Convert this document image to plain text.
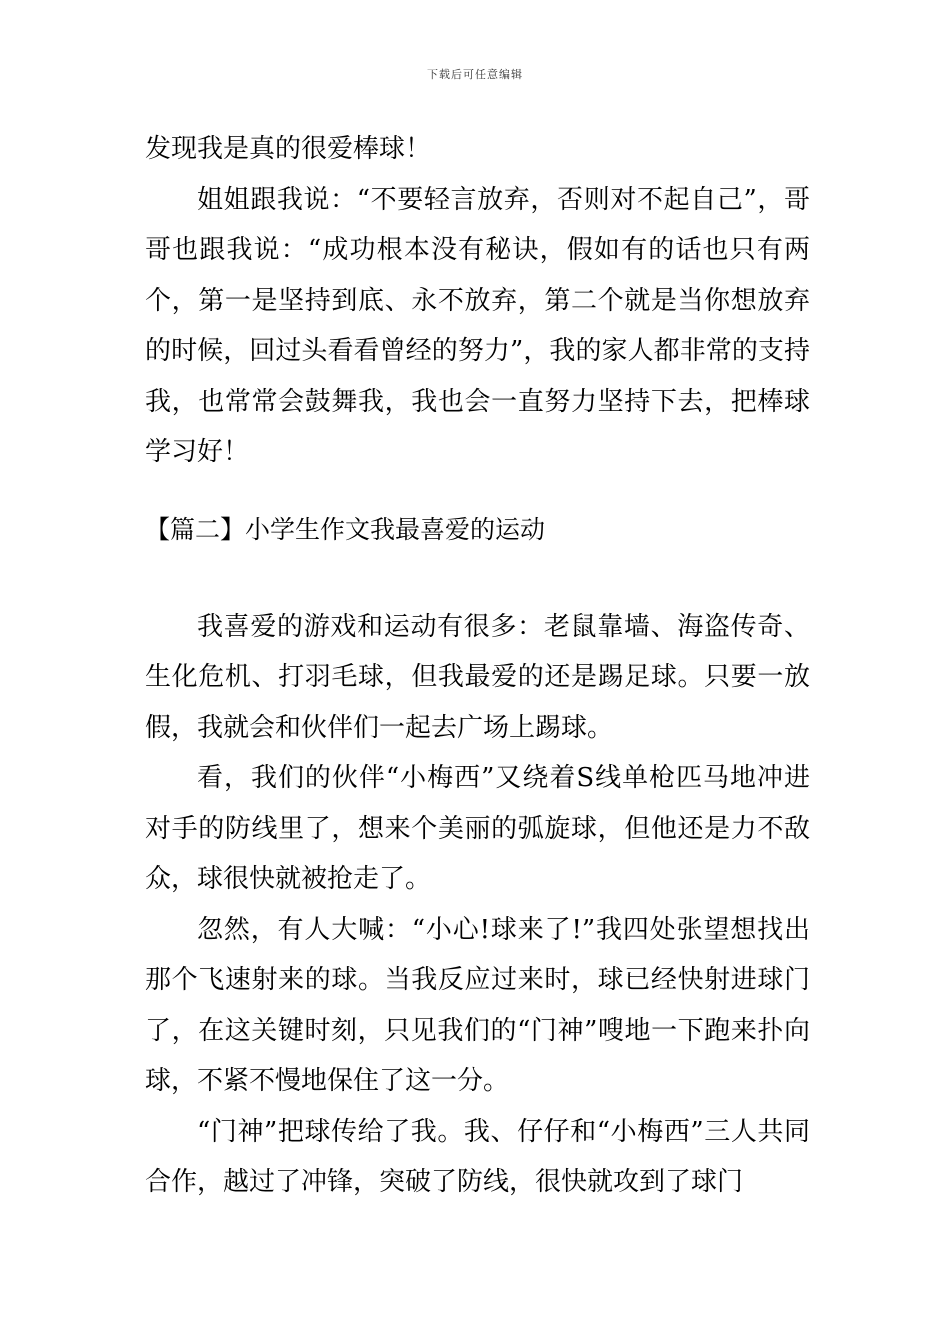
下载后可任意编辑

发现我是真的很爱棒球！

姐姐跟我说：“不要轻言放弃，否则对不起自己”，哥哥也跟我说：“成功根本没有秘诀，假如有的话也只有两个，第一是坚持到底、永不放弃，第二个就是当你想放弃的时候，回过头看看曾经的努力”，我的家人都非常的支持我，也常常会鼓舞我，我也会一直努力坚持下去，把棒球学习好！

【篇二】小学生作文我最喜爱的运动

我喜爱的游戏和运动有很多：老鼠靠墙、海盗传奇、生化危机、打羽毛球，但我最爱的还是踢足球。只要一放假，我就会和伙伴们一起去广场上踢球。

看，我们的伙伴“小梅西”又绕着S线单枪匹马地冲进对手的防线里了，想来个美丽的弧旋球，但他还是力不敌众，球很快就被抢走了。

忽然，有人大喊：“小心!球来了!”我四处张望想找出那个飞速射来的球。当我反应过来时，球已经快射进球门了，在这关键时刻，只见我们的“门神”嗖地一下跑来扑向球，不紧不慢地保住了这一分。

“门神”把球传给了我。我、仔仔和“小梅西”三人共同合作，越过了冲锋，突破了防线，很快就攻到了球门
